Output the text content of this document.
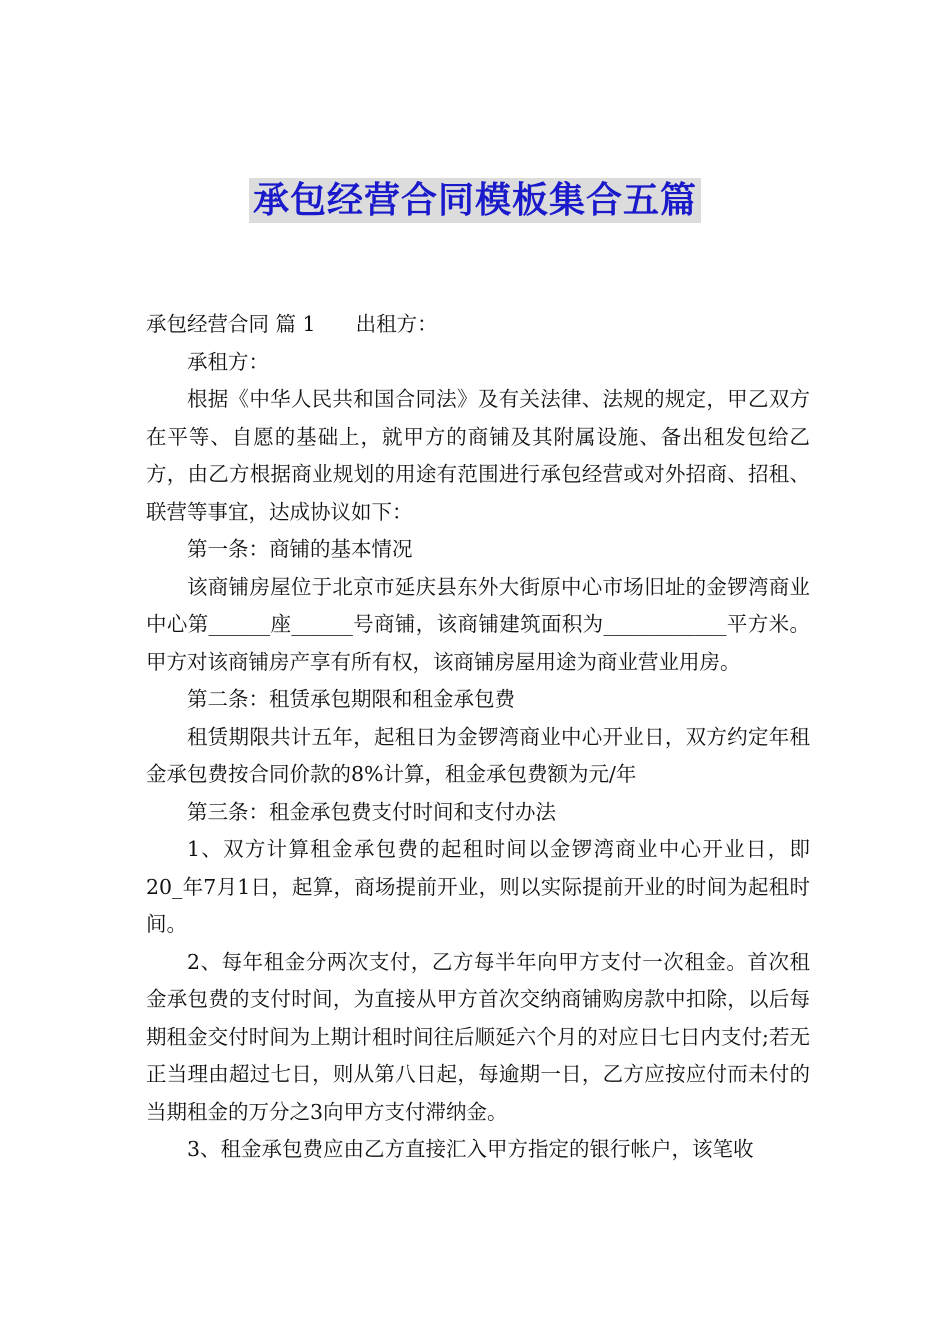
承包经营合同模板集合五篇

承包经营合同 篇 1 出租方：

承租方：

根据《中华人民共和国合同法》及有关法律、法规的规定，甲乙双方在平等、自愿的基础上，就甲方的商铺及其附属设施、备出租发包给乙方，由乙方根据商业规划的用途有范围进行承包经营或对外招商、招租、联营等事宜，达成协议如下：

第一条：商铺的基本情况

该商铺房屋位于北京市延庆县东外大街原中心市场旧址的金锣湾商业中心第______座______号商铺，该商铺建筑面积为____________平方米。甲方对该商铺房产享有所有权，该商铺房屋用途为商业营业用房。

第二条：租赁承包期限和租金承包费

租赁期限共计五年，起租日为金锣湾商业中心开业日，双方约定年租金承包费按合同价款的8%计算，租金承包费额为元/年

第三条：租金承包费支付时间和支付办法

1、双方计算租金承包费的起租时间以金锣湾商业中心开业日，即20_年7月1日，起算，商场提前开业，则以实际提前开业的时间为起租时间。

2、每年租金分两次支付，乙方每半年向甲方支付一次租金。首次租金承包费的支付时间，为直接从甲方首次交纳商铺购房款中扣除，以后每期租金交付时间为上期计租时间往后顺延六个月的对应日七日内支付;若无正当理由超过七日，则从第八日起，每逾期一日，乙方应按应付而未付的当期租金的万分之3向甲方支付滞纳金。

3、租金承包费应由乙方直接汇入甲方指定的银行帐户，该笔收
